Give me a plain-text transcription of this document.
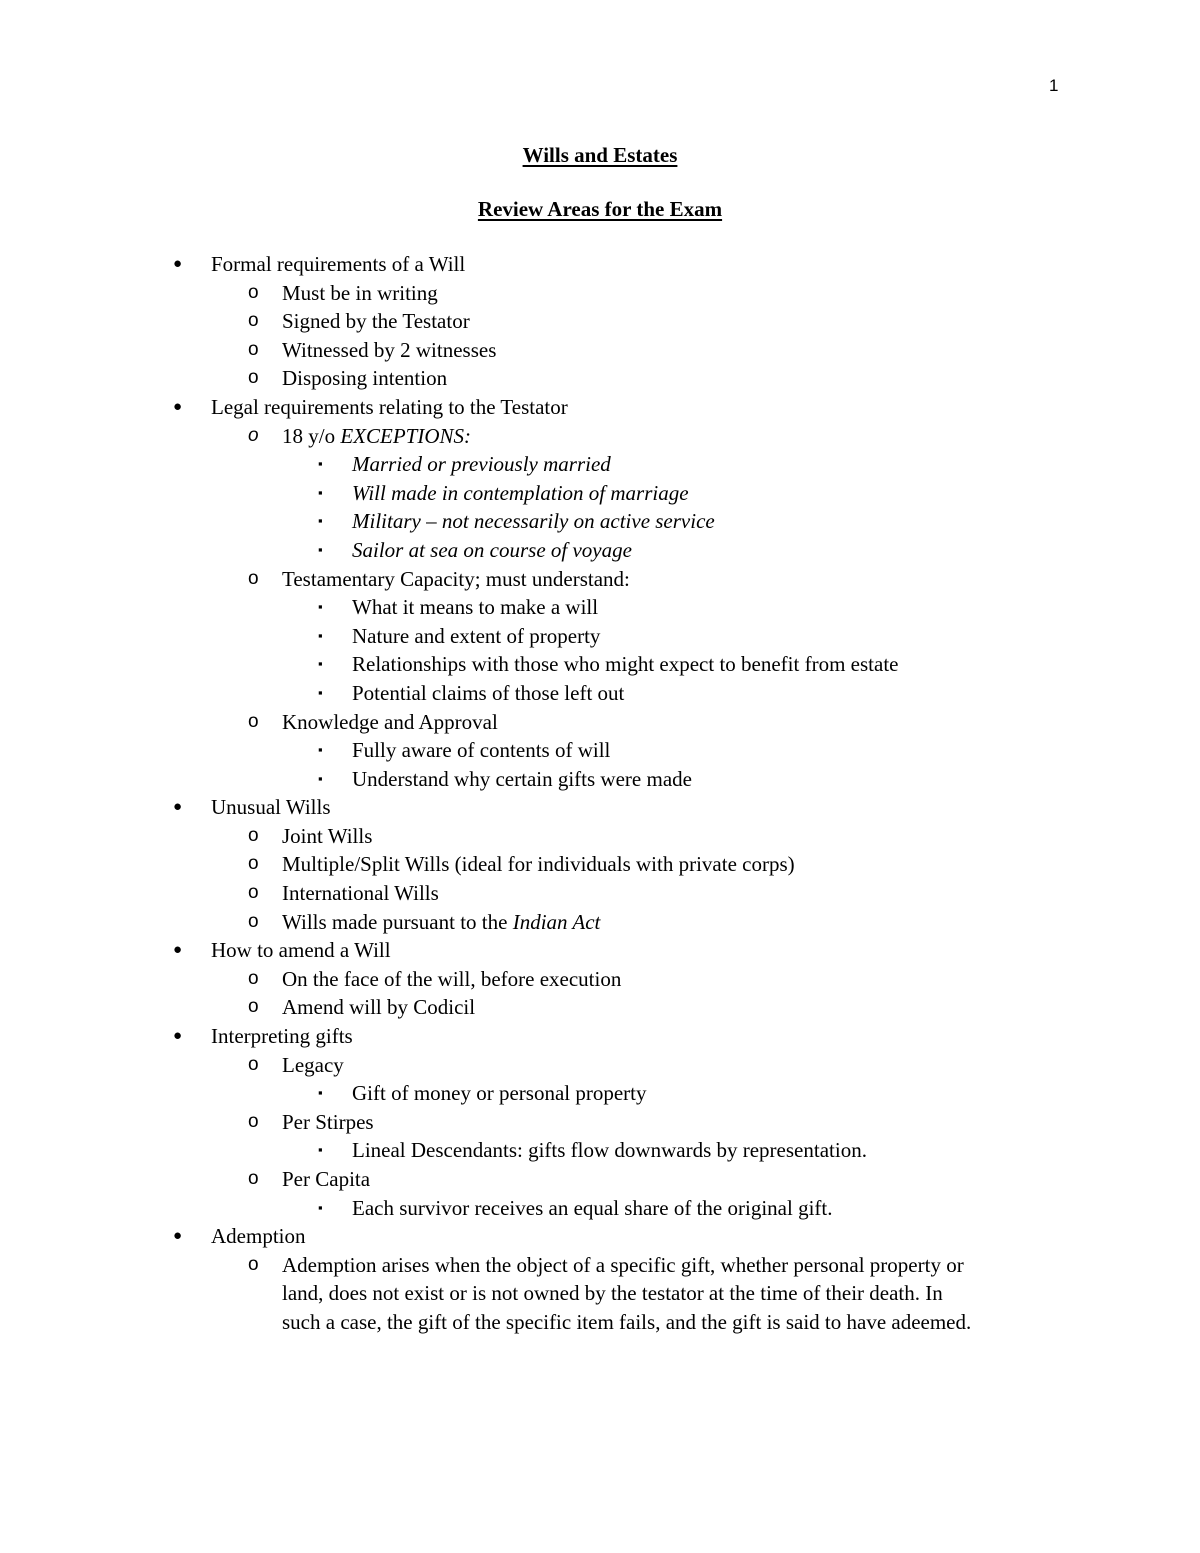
1
Wills and Estates
Review Areas for the Exam
● Formal requirements of a Will
o Must be in writing
o Signed by the Testator
o Witnessed by 2 witnesses
o Disposing intention
● Legal requirements relating to the Testator
o 18 y/o EXCEPTIONS:
▪ Married or previously married
▪ Will made in contemplation of marriage
▪ Military – not necessarily on active service
▪ Sailor at sea on course of voyage
o Testamentary Capacity; must understand:
▪ What it means to make a will
▪ Nature and extent of property
▪ Relationships with those who might expect to benefit from estate
▪ Potential claims of those left out
o Knowledge and Approval
▪ Fully aware of contents of will
▪ Understand why certain gifts were made
● Unusual Wills
o Joint Wills
o Multiple/Split Wills (ideal for individuals with private corps)
o International Wills
o Wills made pursuant to the Indian Act
● How to amend a Will
o On the face of the will, before execution
o Amend will by Codicil
● Interpreting gifts
o Legacy
▪ Gift of money or personal property
o Per Stirpes
▪ Lineal Descendants: gifts flow downwards by representation.
o Per Capita
▪ Each survivor receives an equal share of the original gift.
● Ademption
o Ademption arises when the object of a specific gift, whether personal property or
land, does not exist or is not owned by the testator at the time of their death. In
such a case, the gift of the specific item fails, and the gift is said to have adeemed.
